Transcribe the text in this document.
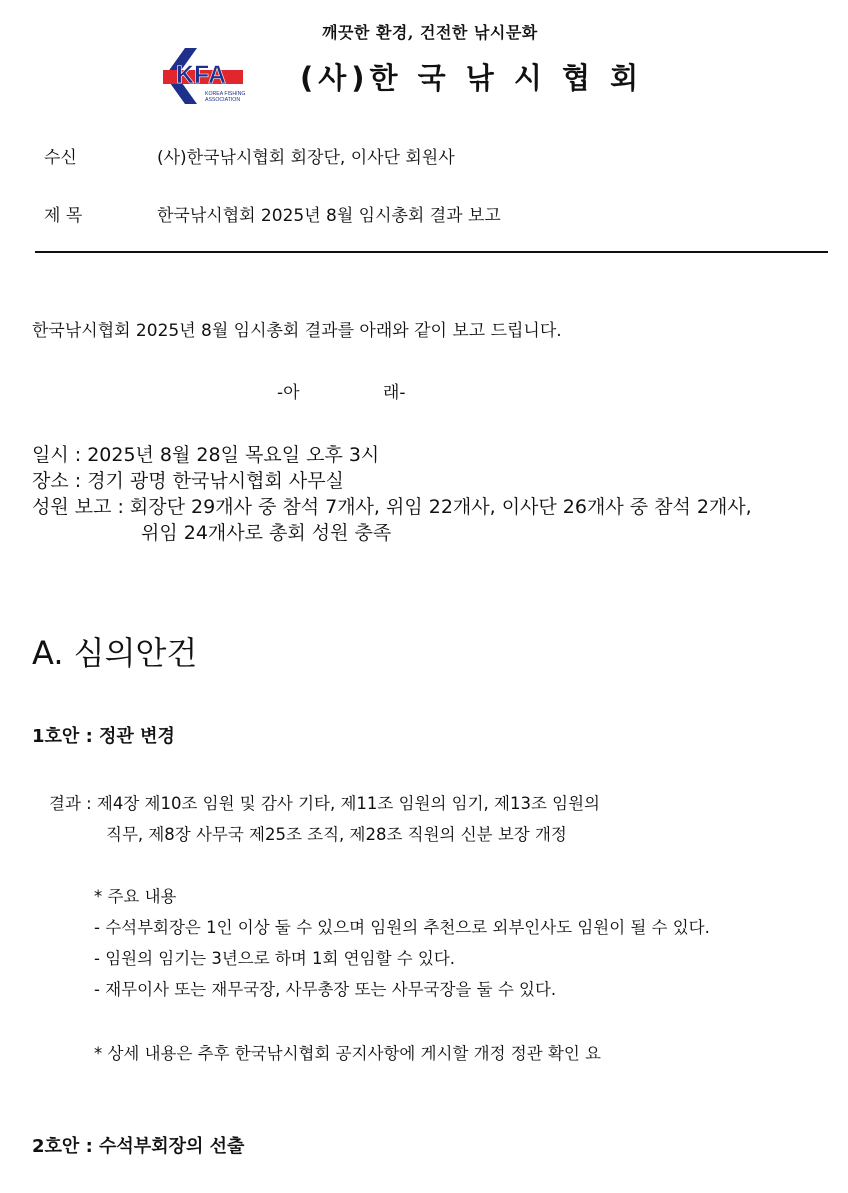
깨끗한 환경, 건전한 낚시문화
KFA
KOREA FISHING
ASSOCIATION
(사)한 국 낚 시 협 회
수신	(사)한국낚시협회 회장단, 이사단 회원사
제 목	한국낚시협회 2025년 8월 임시총회 결과 보고
한국낚시협회 2025년 8월 임시총회 결과를 아래와 같이 보고 드립니다.
-아	래-
일시 : 2025년 8월 28일 목요일 오후 3시
장소 : 경기 광명 한국낚시협회 사무실
성원 보고 : 회장단 29개사 중 참석 7개사, 위임 22개사, 이사단 26개사 중 참석 2개사,
위임 24개사로 총회 성원 충족
A. 심의안건
1호안 : 정관 변경
결과 : 제4장 제10조 임원 및 감사 기타, 제11조 임원의 임기, 제13조 임원의
직무, 제8장 사무국 제25조 조직, 제28조 직원의 신분 보장 개정
* 주요 내용
- 수석부회장은 1인 이상 둘 수 있으며 임원의 추천으로 외부인사도 임원이 될 수 있다.
- 임원의 임기는 3년으로 하며 1회 연임할 수 있다.
- 재무이사 또는 재무국장, 사무총장 또는 사무국장을 둘 수 있다.
* 상세 내용은 추후 한국낚시협회 공지사항에 게시할 개정 정관 확인 요
2호안 : 수석부회장의 선출
